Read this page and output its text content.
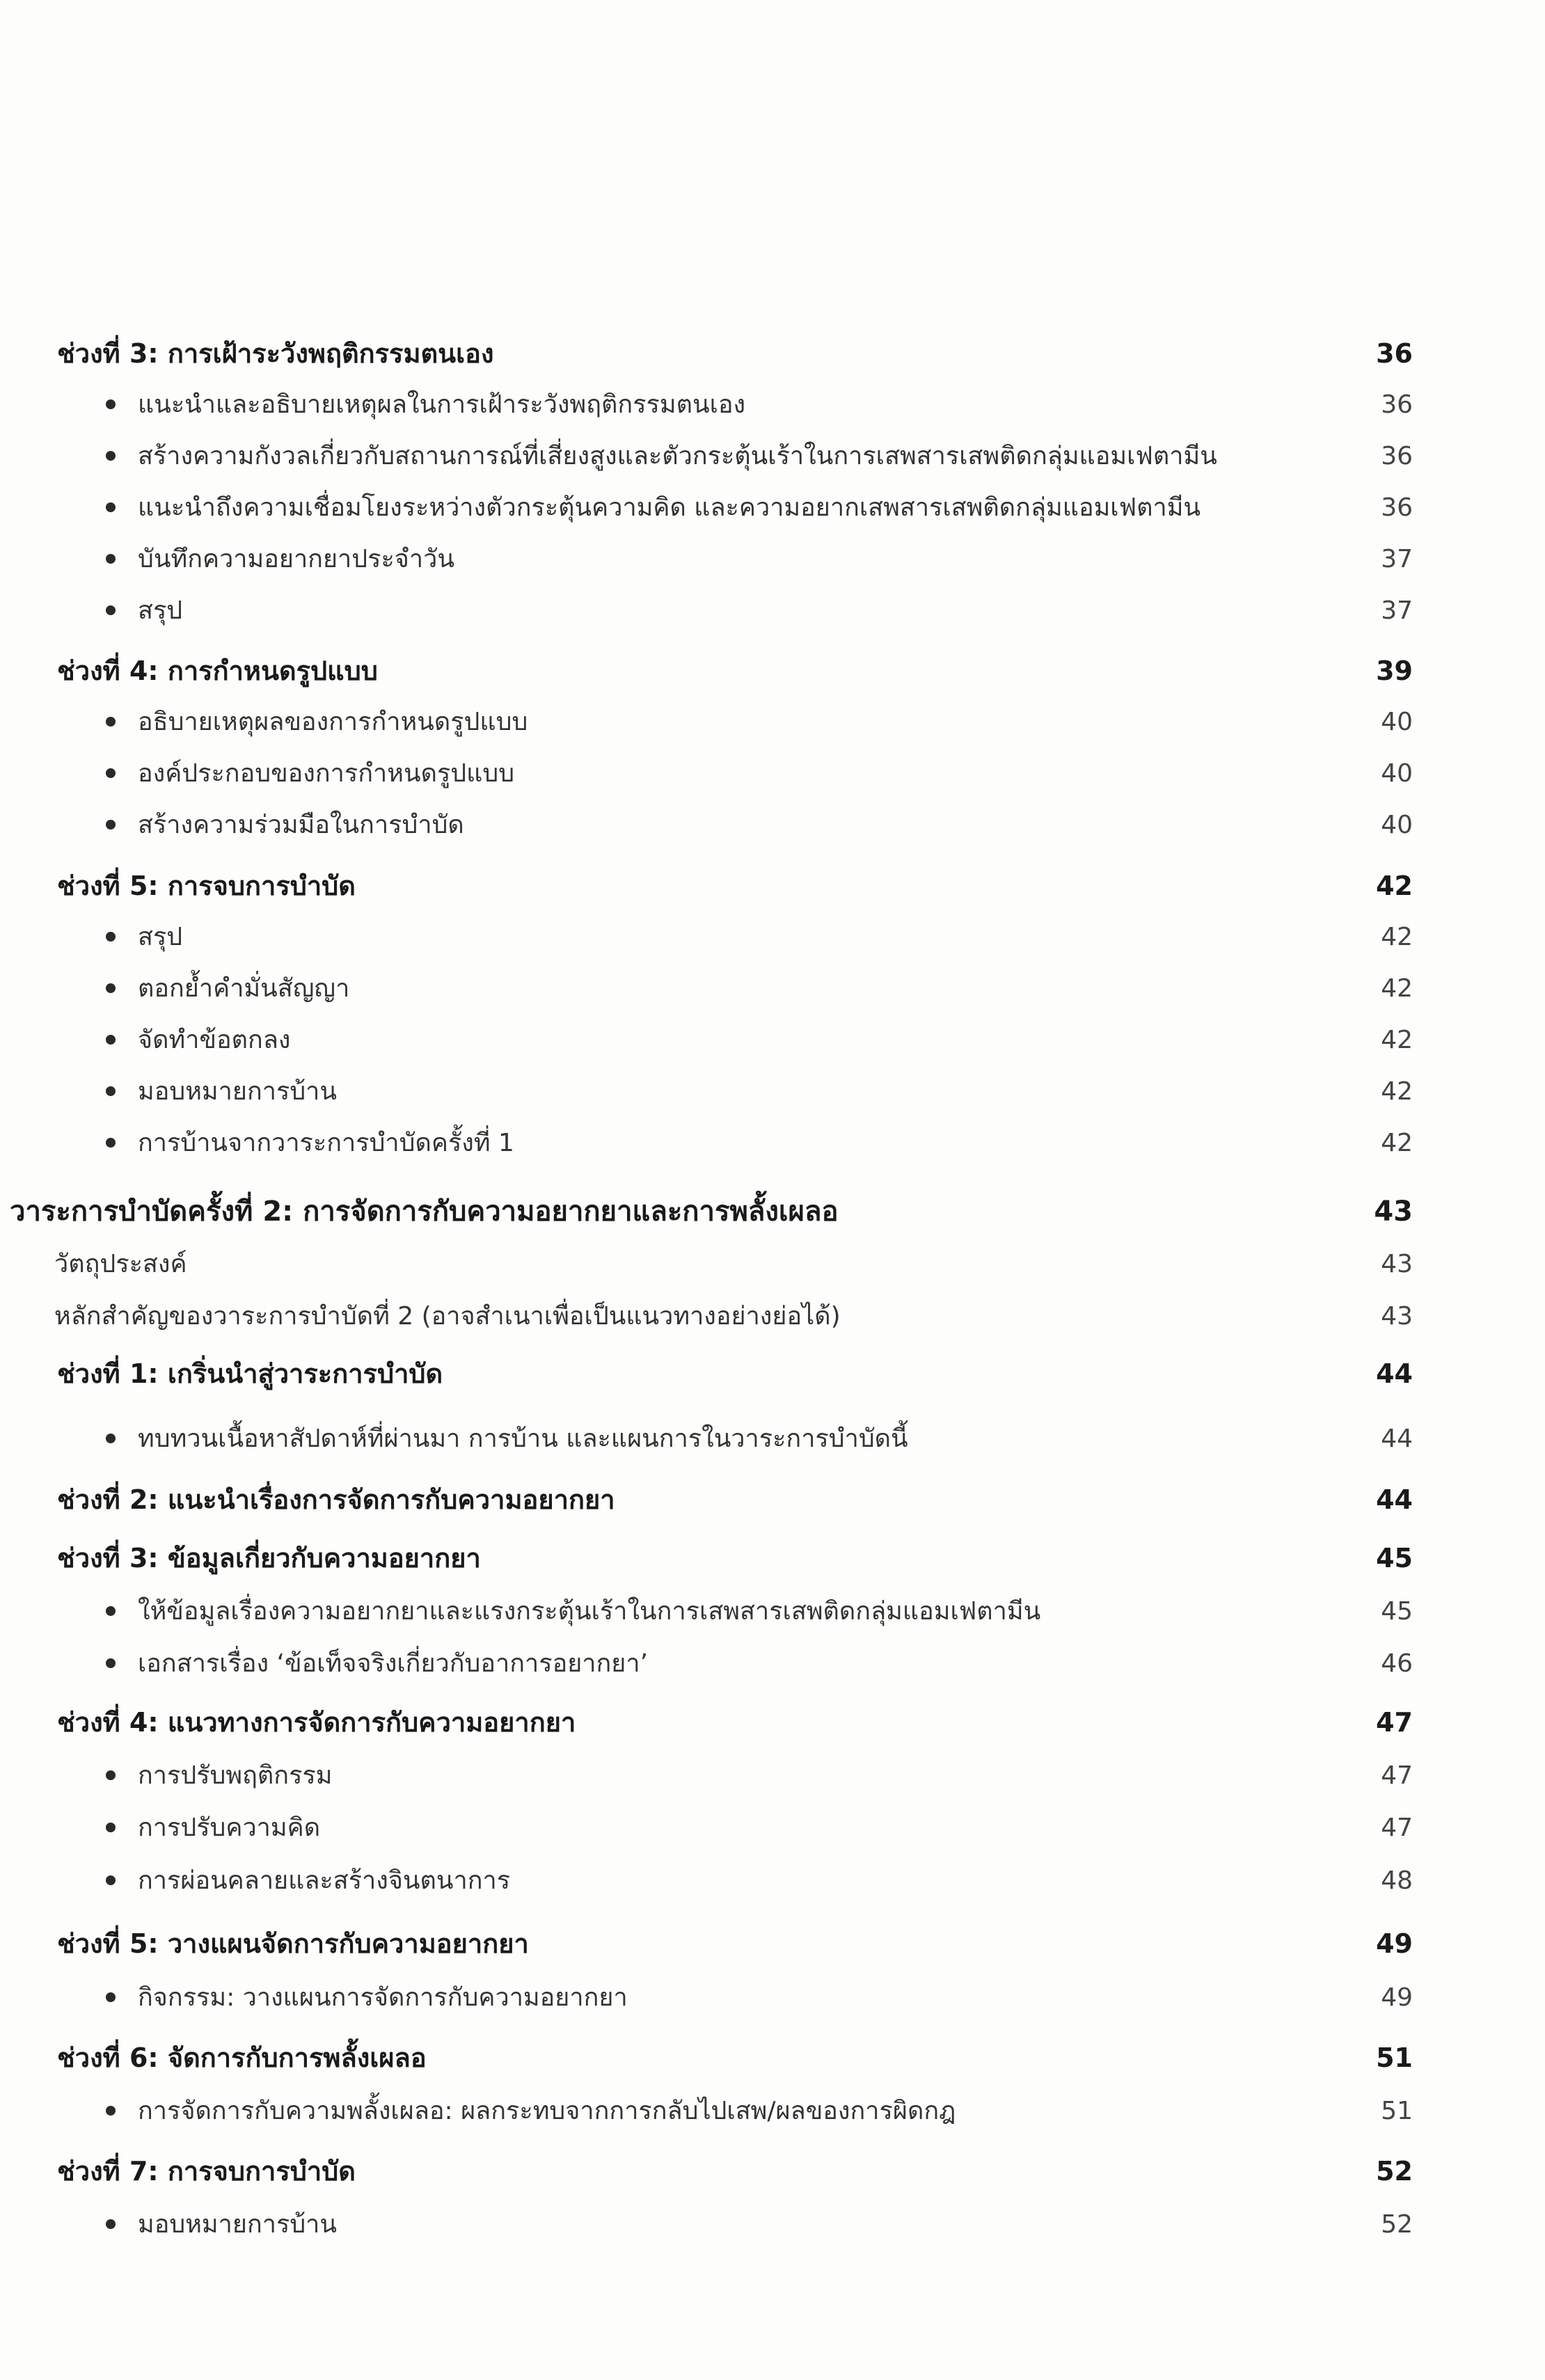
ช่วงที่ 3: การเฝ้าระวังพฤติกรรมตนเอง	36
แนะนำและอธิบายเหตุผลในการเฝ้าระวังพฤติกรรมตนเอง	36
สร้างความกังวลเกี่ยวกับสถานการณ์ที่เสี่ยงสูงและตัวกระตุ้นเร้าในการเสพสารเสพติดกลุ่มแอมเฟตามีน	36
แนะนำถึงความเชื่อมโยงระหว่างตัวกระตุ้นความคิด และความอยากเสพสารเสพติดกลุ่มแอมเฟตามีน	36
บันทึกความอยากยาประจำวัน	37
สรุป	37
ช่วงที่ 4: การกำหนดรูปแบบ	39
อธิบายเหตุผลของการกำหนดรูปแบบ	40
องค์ประกอบของการกำหนดรูปแบบ	40
สร้างความร่วมมือในการบำบัด	40
ช่วงที่ 5: การจบการบำบัด	42
สรุป	42
ตอกย้ำคำมั่นสัญญา	42
จัดทำข้อตกลง	42
มอบหมายการบ้าน	42
การบ้านจากวาระการบำบัดครั้งที่ 1	42
วาระการบำบัดครั้งที่ 2: การจัดการกับความอยากยาและการพลั้งเผลอ	43
วัตถุประสงค์	43
หลักสำคัญของวาระการบำบัดที่ 2 (อาจสำเนาเพื่อเป็นแนวทางอย่างย่อได้)	43
ช่วงที่ 1: เกริ่นนำสู่วาระการบำบัด	44
ทบทวนเนื้อหาสัปดาห์ที่ผ่านมา การบ้าน และแผนการในวาระการบำบัดนี้	44
ช่วงที่ 2: แนะนำเรื่องการจัดการกับความอยากยา	44
ช่วงที่ 3: ข้อมูลเกี่ยวกับความอยากยา	45
ให้ข้อมูลเรื่องความอยากยาและแรงกระตุ้นเร้าในการเสพสารเสพติดกลุ่มแอมเฟตามีน	45
เอกสารเรื่อง ‘ข้อเท็จจริงเกี่ยวกับอาการอยากยา’	46
ช่วงที่ 4: แนวทางการจัดการกับความอยากยา	47
การปรับพฤติกรรม	47
การปรับความคิด	47
การผ่อนคลายและสร้างจินตนาการ	48
ช่วงที่ 5: วางแผนจัดการกับความอยากยา	49
กิจกรรม: วางแผนการจัดการกับความอยากยา	49
ช่วงที่ 6: จัดการกับการพลั้งเผลอ	51
การจัดการกับความพลั้งเผลอ: ผลกระทบจากการกลับไปเสพ/ผลของการผิดกฎ	51
ช่วงที่ 7: การจบการบำบัด	52
มอบหมายการบ้าน	52
